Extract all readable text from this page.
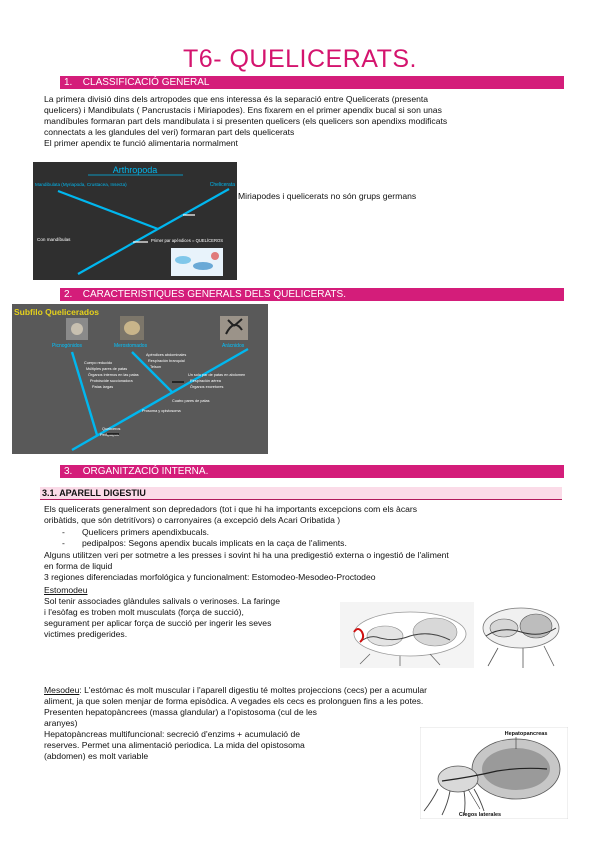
T6- QUELICERATS.
1. CLASSIFICACIÓ GENERAL
La primera divisió dins dels artropodes que ens interessa és la separació entre Quelicerats (presenta
quelicers) i Mandibulats ( Pancrustacis i Miriapodes). Ens fixarem en el primer apendix bucal si son unas
mandíbules formaran part dels mandibulata i si presenten quelicers (els quelicers son apendixs modificats
connectats a les glandules del veri) formaran part dels quelicerats
El primer apendix te funció alimentaria normalment
Arthropoda
Mandibulata (Myriapoda, Crustacea, Insecta)	Chelicerata
Con mandíbulas	Primer par apéndices = QUELÍCEROS
Miriapodes i quelicerats no són grups germans
2. CARACTERISTIQUES GENERALS DELS QUELICERATS.
Subfilo Quelicerados
Picnogónidos	Merostomados	Arácnidos
Cuerpo reducido
Múltiples pares de patas
Órganos internos en las patas
Probóscide succionadora
Patas largas
Apéndices abdominales
Respiración branquial
Telson
Un solo par de patas en abdomen
Respiración aérea
Órganos excretores
Cuatro pares de patas
Prosoma y opistosoma
Quelíceros
Pedipalpos
3. ORGANITZACIÓ INTERNA.
3.1. APARELL DIGESTIU
Els quelicerats generalment son depredadors (tot i que hi ha importants excepcions com els àcars
oribàtids, que són detritívors) o carronyaires (a excepció dels Acari Oribatida )
- Quelicers primers apendixbucals.
- pedipalpos: Segons apendix bucals implicats en la caça de l'aliments.
Alguns utilitzen veri per sotmetre a les presses i sovint hi ha una predigestió externa o ingestió de l'aliment
en forma de liquid
3 regiones diferenciadas morfológica y funcionalment: Estomodeo-Mesodeo-Proctodeo
Estomodeu
Sol tenir associades glàndules salivals o verinoses. La faringe
i l'esòfag es troben molt musculats (força de succió),
segurament per aplicar força de succió per ingerir les seves
victimes predigerides.
Mesodeu: L'estómac és molt muscular i l'aparell digestiu té moltes projeccions (cecs) per a acumular
aliment, ja que solen menjar de forma episòdica. A vegades els cecs es prolonguen fins a les potes.
Presenten hepatopàncrees (massa glandular) a l'opistosoma (cul de les
aranyes)
Hepatopàncreas multifuncional: secreció d'enzims + acumulació de
reserves. Permet una alimentació periodica. La mida del opistosoma
(abdomen) es molt variable
Hepatopancreas
Ciegos laterales
